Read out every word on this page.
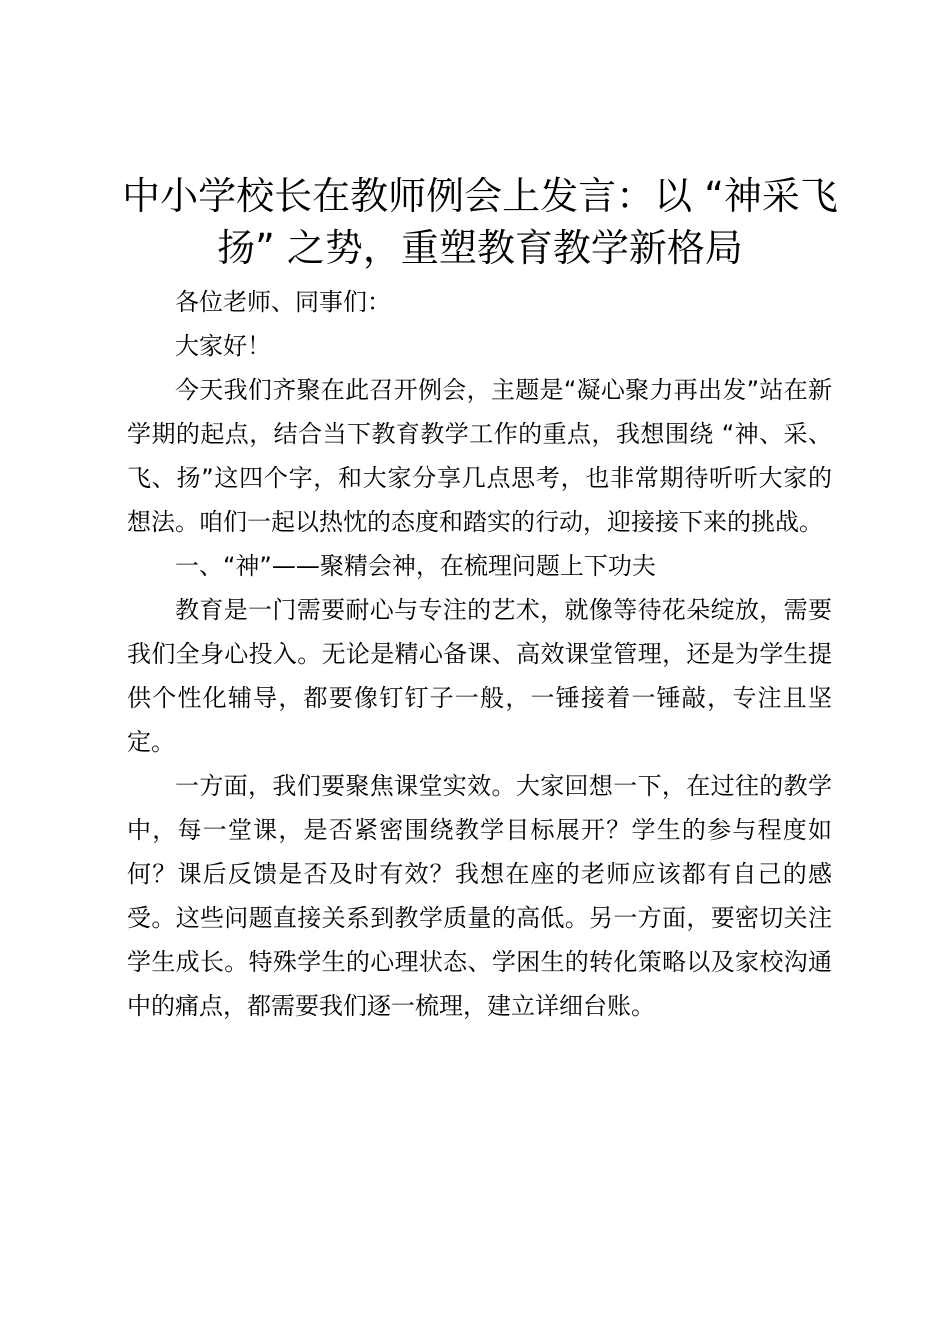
中小学校长在教师例会上发言：以 “神采飞
扬” 之势，重塑教育教学新格局

各位老师、同事们：

大家好！

今天我们齐聚在此召开例会，主题是“凝心聚力再出发”站在新学期的起点，结合当下教育教学工作的重点，我想围绕 “神、采、飞、扬”这四个字，和大家分享几点思考，也非常期待听听大家的想法。咱们一起以热忱的态度和踏实的行动，迎接接下来的挑战。

一、“神”——聚精会神，在梳理问题上下功夫

教育是一门需要耐心与专注的艺术，就像等待花朵绽放，需要我们全身心投入。无论是精心备课、高效课堂管理，还是为学生提供个性化辅导，都要像钉钉子一般，一锤接着一锤敲，专注且坚定。

一方面，我们要聚焦课堂实效。大家回想一下，在过往的教学中，每一堂课，是否紧密围绕教学目标展开？学生的参与程度如何？课后反馈是否及时有效？我想在座的老师应该都有自己的感受。这些问题直接关系到教学质量的高低。另一方面，要密切关注学生成长。特殊学生的心理状态、学困生的转化策略以及家校沟通中的痛点，都需要我们逐一梳理，建立详细台账。
